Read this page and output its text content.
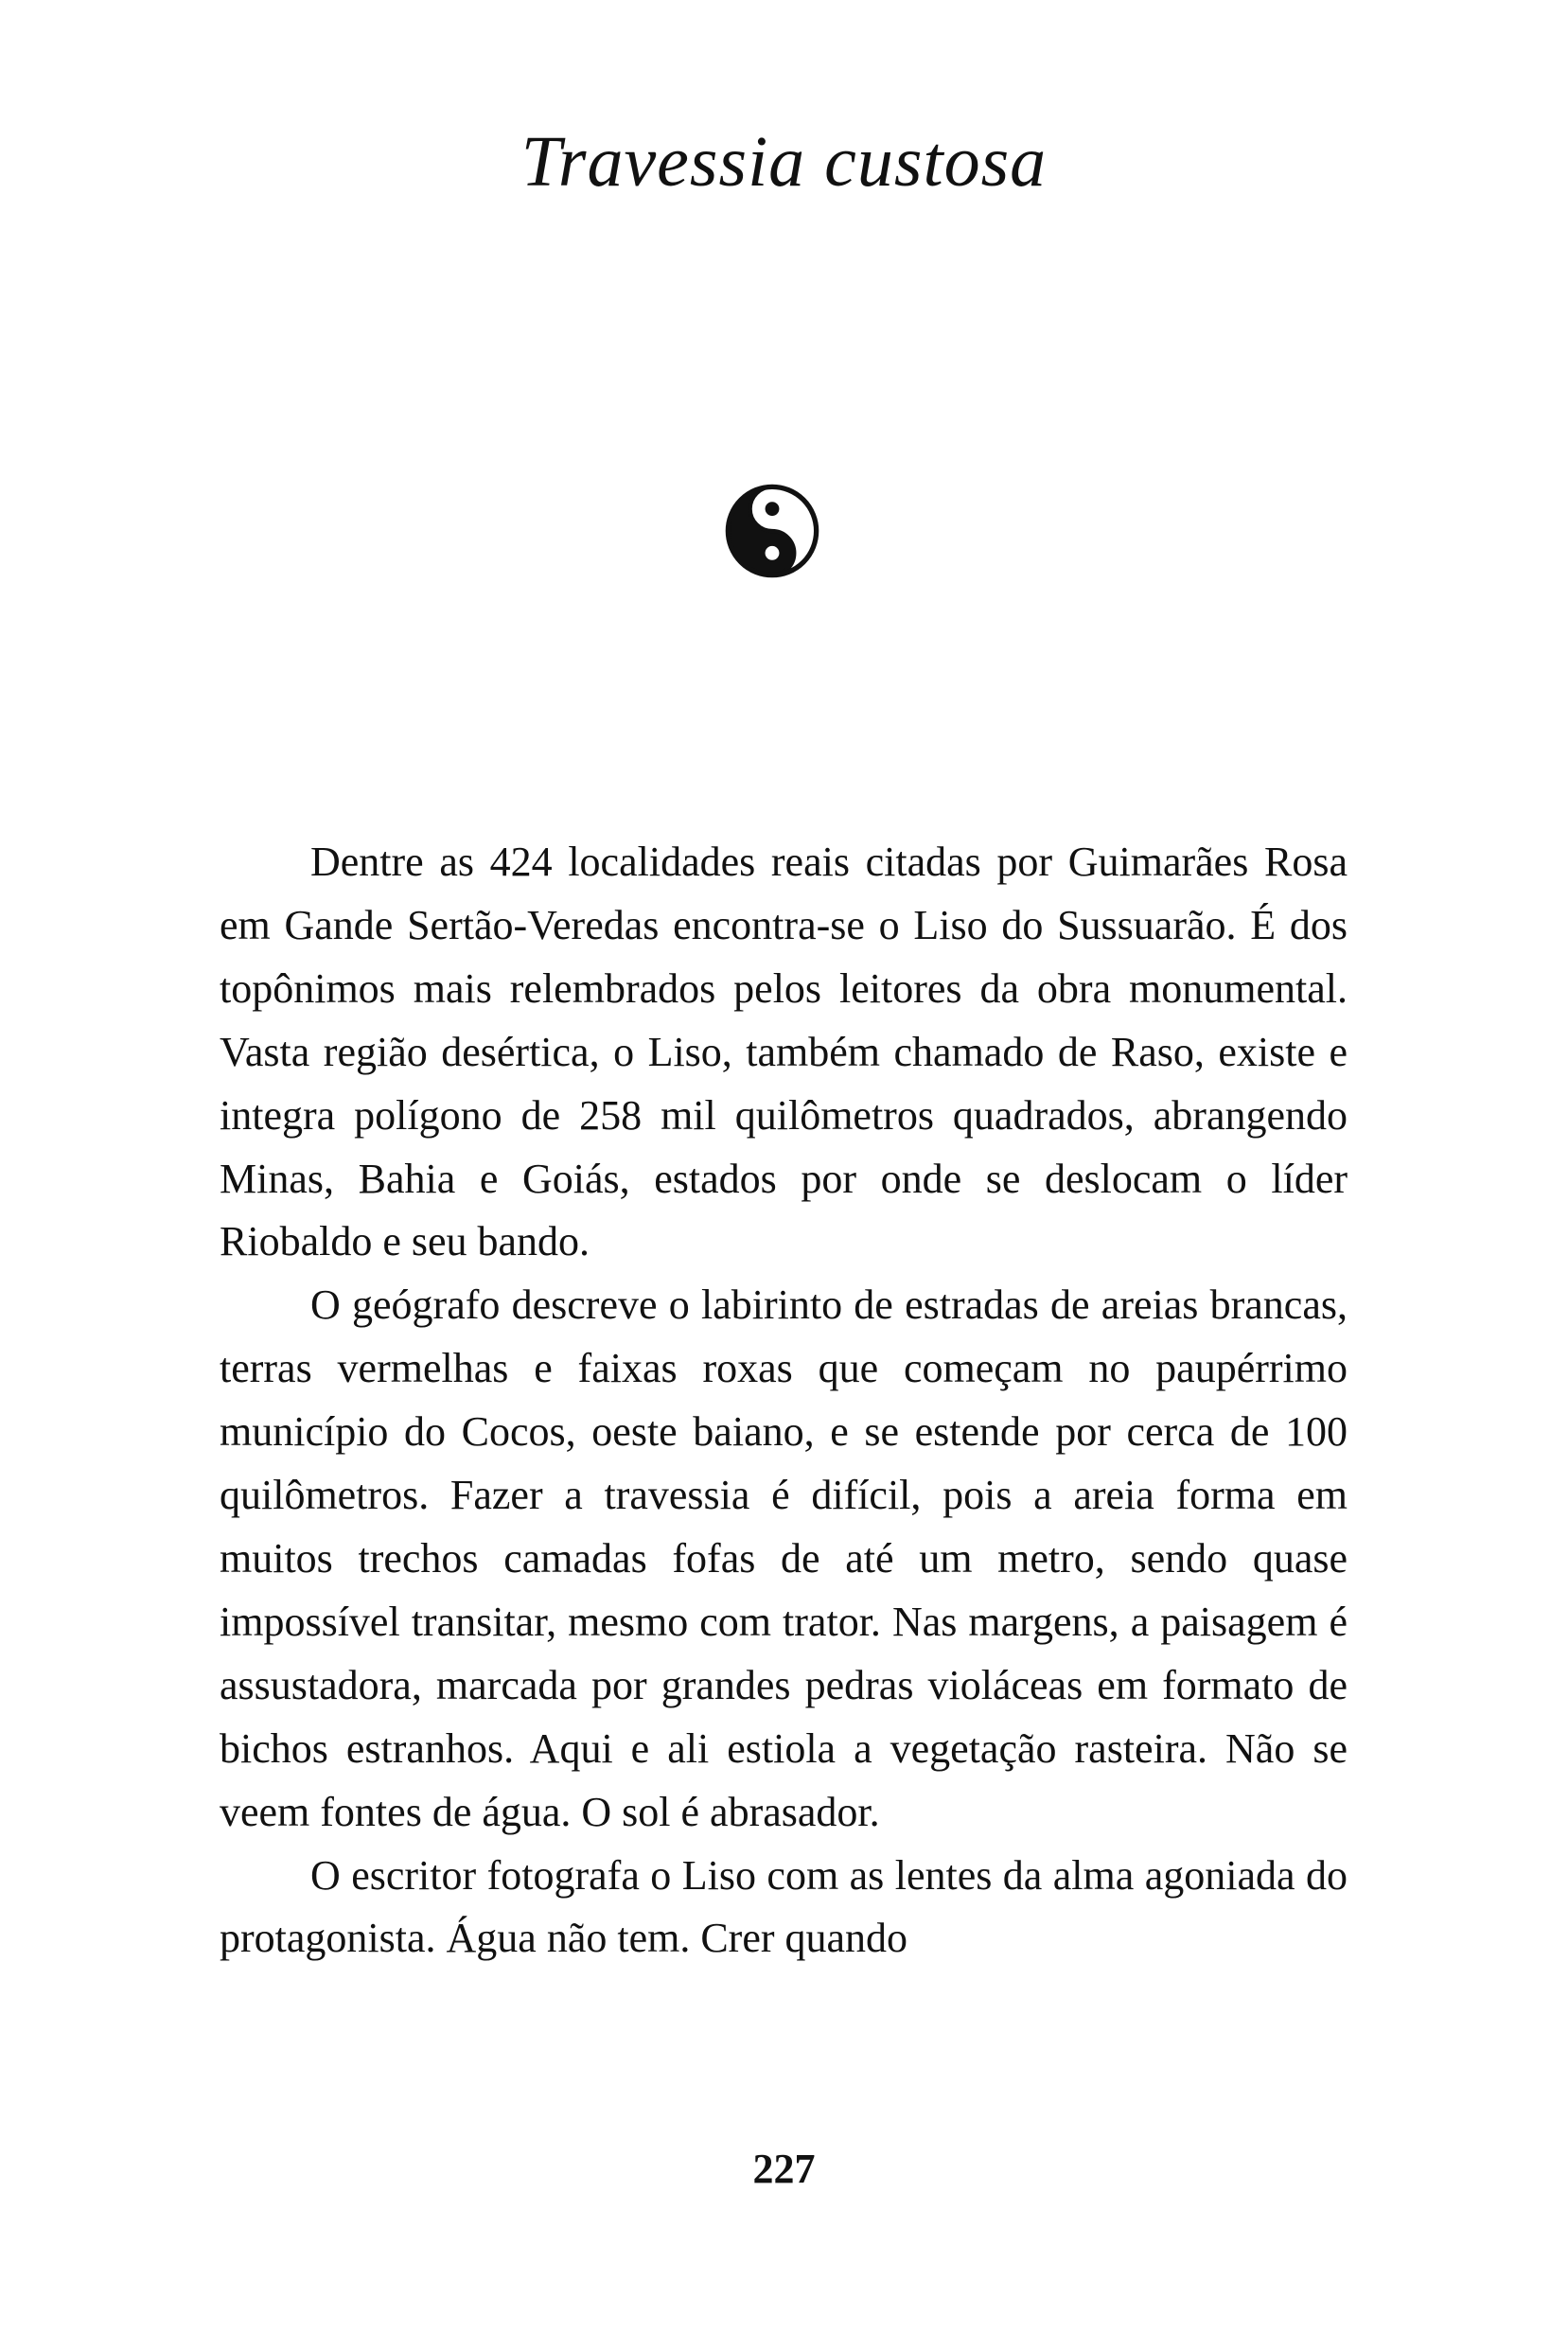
Travessia custosa

Dentre as 424 localidades reais citadas por Guimarães Rosa em Gande Sertão-Veredas encontra-se o Liso do Sussuarão. É dos topônimos mais relembrados pelos leitores da obra monumental. Vasta região desértica, o Liso, também chamado de Raso, existe e integra polígono de 258 mil quilômetros quadrados, abrangendo Minas, Bahia e Goiás, estados por onde se deslocam o líder Riobaldo e seu bando.

O geógrafo descreve o labirinto de estradas de areias brancas, terras vermelhas e faixas roxas que começam no paupérrimo município do Cocos, oeste baiano, e se estende por cerca de 100 quilômetros. Fazer a travessia é difícil, pois a areia forma em muitos trechos camadas fofas de até um metro, sendo quase impossível transitar, mesmo com trator. Nas margens, a paisagem é assustadora, marcada por grandes pedras violáceas em formato de bichos estranhos. Aqui e ali estiola a vegetação rasteira. Não se veem fontes de água. O sol é abrasador.

O escritor fotografa o Liso com as lentes da alma agoniada do protagonista. Água não tem. Crer quando

227
